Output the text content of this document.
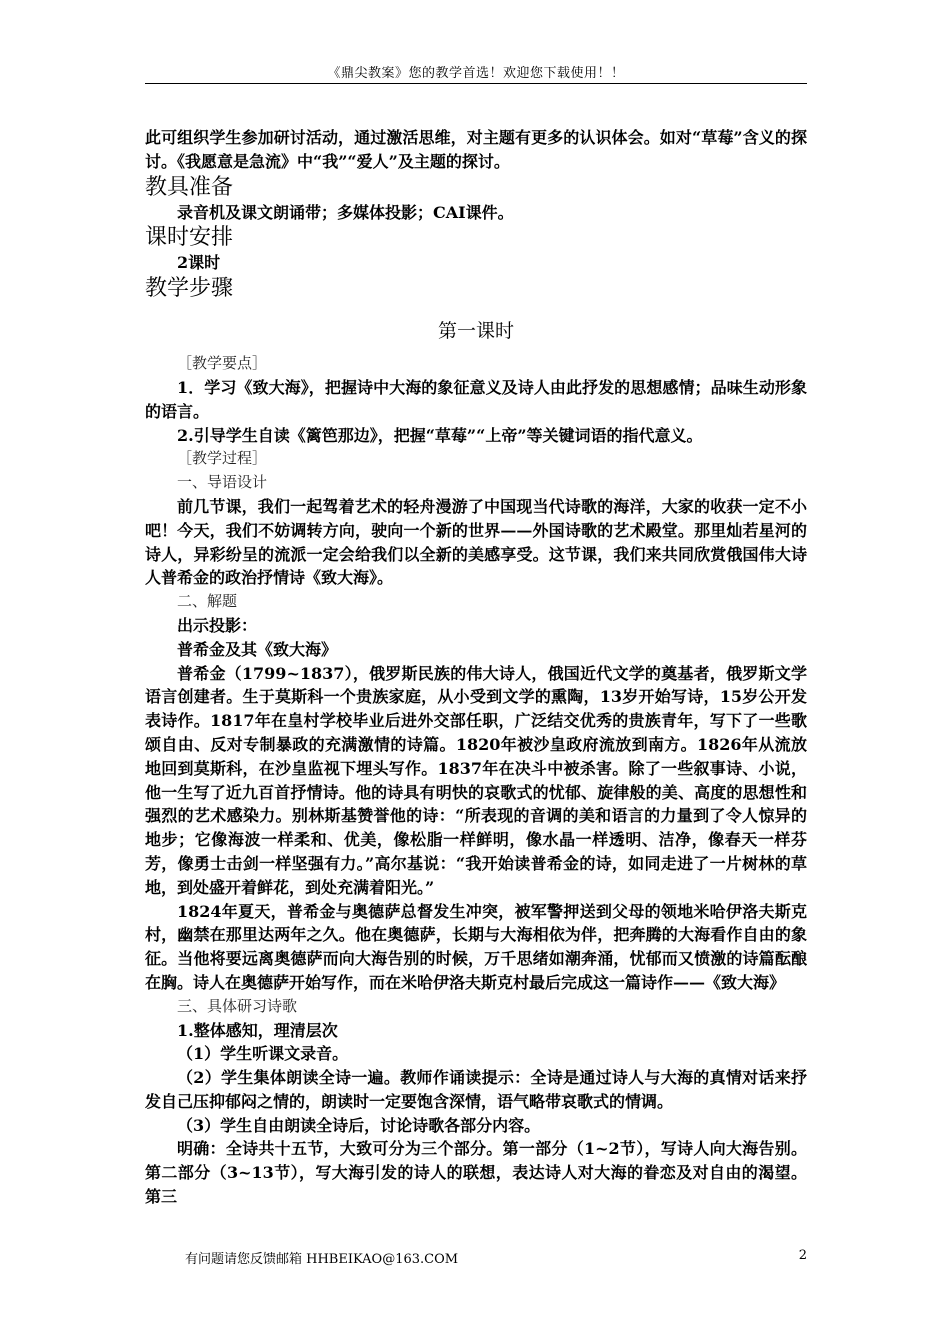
《鼎尖教案》您的教学首选！欢迎您下载使用！！

此可组织学生参加研讨活动，通过激活思维，对主题有更多的认识体会。如对“草莓”含义的探讨。《我愿意是急流》中“我”“爱人”及主题的探讨。

教具准备

录音机及课文朗诵带；多媒体投影；CAI课件。

课时安排

2课时

教学步骤
第一课时

［教学要点］

1．学习《致大海》，把握诗中大海的象征意义及诗人由此抒发的思想感情；品味生动形象的语言。

2.引导学生自读《篱笆那边》，把握“草莓”“上帝”等关键词语的指代意义。

［教学过程］

一、导语设计

前几节课，我们一起驾着艺术的轻舟漫游了中国现当代诗歌的海洋，大家的收获一定不小吧！今天，我们不妨调转方向，驶向一个新的世界——外国诗歌的艺术殿堂。那里灿若星河的诗人，异彩纷呈的流派一定会给我们以全新的美感享受。这节课，我们来共同欣赏俄国伟大诗人普希金的政治抒情诗《致大海》。

二、解题

出示投影：

普希金及其《致大海》

普希金（1799~1837），俄罗斯民族的伟大诗人，俄国近代文学的奠基者，俄罗斯文学语言创建者。生于莫斯科一个贵族家庭，从小受到文学的熏陶，13岁开始写诗，15岁公开发表诗作。1817年在皇村学校毕业后进外交部任职，广泛结交优秀的贵族青年，写下了一些歌颂自由、反对专制暴政的充满激情的诗篇。1820年被沙皇政府流放到南方。1826年从流放地回到莫斯科，在沙皇监视下埋头写作。1837年在决斗中被杀害。除了一些叙事诗、小说，他一生写了近九百首抒情诗。他的诗具有明快的哀歌式的忧郁、旋律般的美、高度的思想性和强烈的艺术感染力。别林斯基赞誉他的诗：“所表现的音调的美和语言的力量到了令人惊异的地步；它像海波一样柔和、优美，像松脂一样鲜明，像水晶一样透明、洁净，像春天一样芬芳，像勇士击剑一样坚强有力。”高尔基说：“我开始读普希金的诗，如同走进了一片树林的草地，到处盛开着鲜花，到处充满着阳光。”

1824年夏天，普希金与奥德萨总督发生冲突，被军警押送到父母的领地米哈伊洛夫斯克村，幽禁在那里达两年之久。他在奥德萨，长期与大海相依为伴，把奔腾的大海看作自由的象征。当他将要远离奥德萨而向大海告别的时候，万千思绪如潮奔涌，忧郁而又愤激的诗篇酝酿在胸。诗人在奥德萨开始写作，而在米哈伊洛夫斯克村最后完成这一篇诗作——《致大海》

三、具体研习诗歌

1.整体感知，理清层次

（1）学生听课文录音。

（2）学生集体朗读全诗一遍。教师作诵读提示：全诗是通过诗人与大海的真情对话来抒发自己压抑郁闷之情的，朗读时一定要饱含深情，语气略带哀歌式的情调。

（3）学生自由朗读全诗后，讨论诗歌各部分内容。

明确：全诗共十五节，大致可分为三个部分。第一部分（1~2节），写诗人向大海告别。第二部分（3~13节），写大海引发的诗人的联想，表达诗人对大海的眷恋及对自由的渴望。第三

有问题请您反馈邮箱 HHBEIKAO@163.COM	2
